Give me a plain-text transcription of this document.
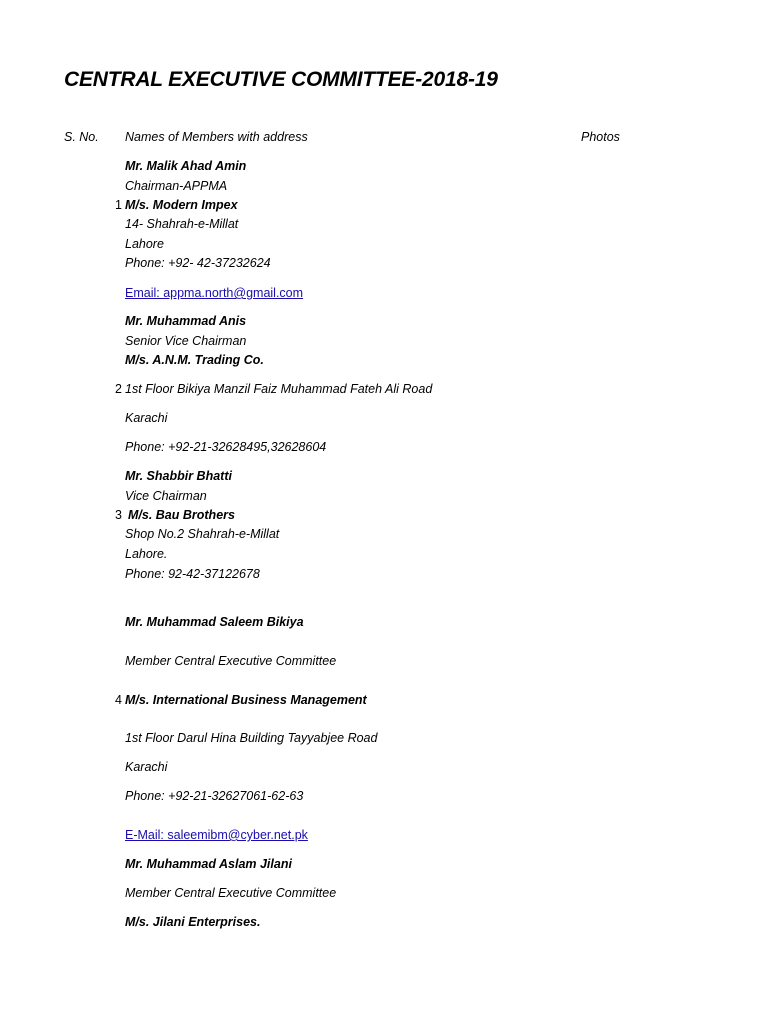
CENTRAL EXECUTIVE COMMITTEE-2018-19
S. No. Names of Members with address	Photos
Mr. Malik Ahad Amin
Chairman-APPMA
1 M/s. Modern Impex
14- Shahrah-e-Millat
Lahore
Phone: +92- 42-37232624
Email: appma.north@gmail.com
Mr. Muhammad Anis
Senior Vice Chairman
M/s. A.N.M. Trading Co.
2 1st Floor Bikiya Manzil Faiz Muhammad Fateh Ali Road
Karachi
Phone: +92-21-32628495,32628604
Mr. Shabbir Bhatti
Vice Chairman
3 M/s. Bau Brothers
Shop No.2 Shahrah-e-Millat
Lahore.
Phone: 92-42-37122678
Mr. Muhammad Saleem Bikiya
Member Central Executive Committee
4 M/s. International Business Management
1st Floor Darul Hina Building Tayyabjee Road
Karachi
Phone: +92-21-32627061-62-63
E-Mail: saleemibm@cyber.net.pk
Mr. Muhammad Aslam Jilani
Member Central Executive Committee
M/s. Jilani Enterprises.
